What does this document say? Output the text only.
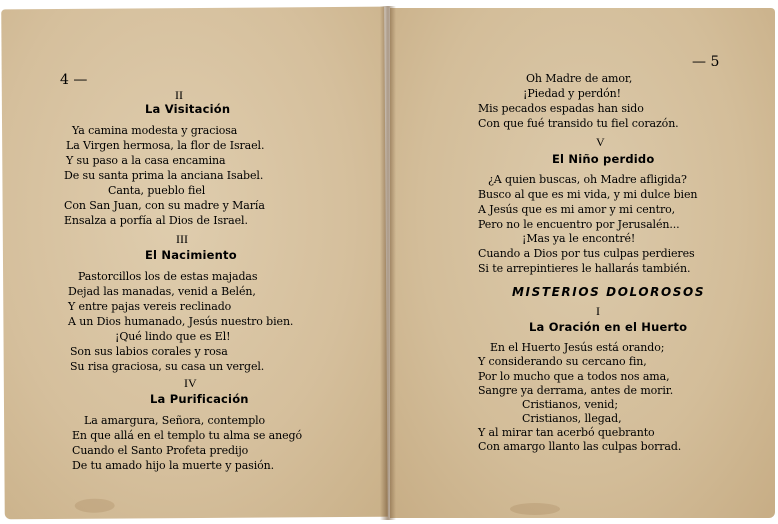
4 —
II
La Visitación
Ya camina modesta y graciosa
La Virgen hermosa, la flor de Israel.
Y su paso a la casa encamina
De su santa prima la anciana Isabel.
Canta, pueblo fiel
Con San Juan, con su madre y María
Ensalza a porfía al Dios de Israel.
III
El Nacimiento
Pastorcillos los de estas majadas
Dejad las manadas, venid a Belén,
Y entre pajas vereis reclinado
A un Dios humanado, Jesús nuestro bien.
¡Qué lindo que es El!
Son sus labios corales y rosa
Su risa graciosa, su casa un vergel.
IV
La Purificación
La amargura, Señora, contemplo
En que allá en el templo tu alma se anegó
Cuando el Santo Profeta predijo
De tu amado hijo la muerte y pasión.
— 5
Oh Madre de amor,
¡Piedad y perdón!
Mis pecados espadas han sido
Con que fué transido tu fiel corazón.
V
El Niño perdido
¿A quien buscas, oh Madre afligida?
Busco al que es mi vida, y mi dulce bien
A Jesús que es mi amor y mi centro,
Pero no le encuentro por Jerusalén...
¡Mas ya le encontré!
Cuando a Dios por tus culpas perdieres
Si te arrepintieres le hallarás también.
MISTERIOS DOLOROSOS
I
La Oración en el Huerto
En el Huerto Jesús está orando;
Y considerando su cercano fin,
Por lo mucho que a todos nos ama,
Sangre ya derrama, antes de morir.
Cristianos, venid;
Cristianos, llegad,
Y al mirar tan acerbó quebranto
Con amargo llanto las culpas borrad.
